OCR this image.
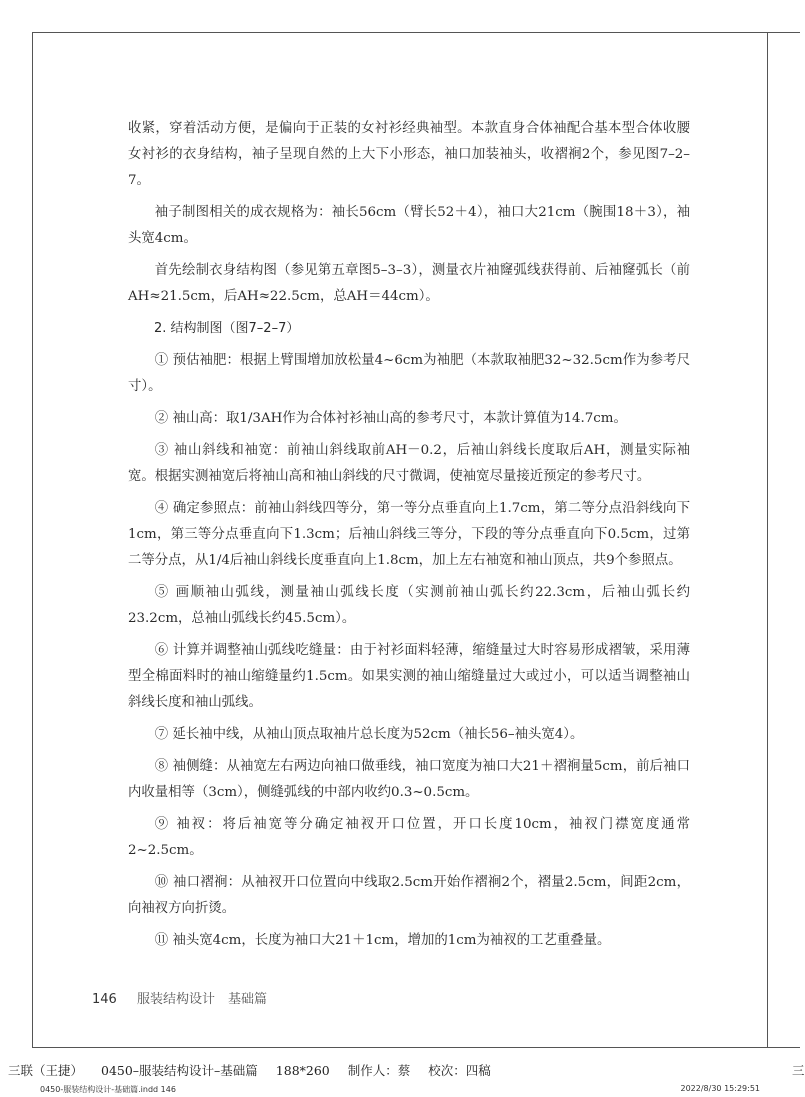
收紧，穿着活动方便，是偏向于正装的女衬衫经典袖型。本款直身合体袖配合基本型合体收腰女衬衫的衣身结构，袖子呈现自然的上大下小形态，袖口加装袖头，收褶裥2个，参见图7–2–7。

袖子制图相关的成衣规格为：袖长56cm（臂长52＋4），袖口大21cm（腕围18＋3），袖头宽4cm。

首先绘制衣身结构图（参见第五章图5–3–3），测量衣片袖窿弧线获得前、后袖窿弧长（前AH≈21.5cm，后AH≈22.5cm，总AH＝44cm）。

2. 结构制图（图7–2–7）

① 预估袖肥：根据上臂围增加放松量4~6cm为袖肥（本款取袖肥32~32.5cm作为参考尺寸）。

② 袖山高：取1/3AH作为合体衬衫袖山高的参考尺寸，本款计算值为14.7cm。

③ 袖山斜线和袖宽：前袖山斜线取前AH－0.2，后袖山斜线长度取后AH，测量实际袖宽。根据实测袖宽后将袖山高和袖山斜线的尺寸微调，使袖宽尽量接近预定的参考尺寸。

④ 确定参照点：前袖山斜线四等分，第一等分点垂直向上1.7cm，第二等分点沿斜线向下1cm，第三等分点垂直向下1.3cm；后袖山斜线三等分，下段的等分点垂直向下0.5cm，过第二等分点，从1/4后袖山斜线长度垂直向上1.8cm，加上左右袖宽和袖山顶点，共9个参照点。

⑤ 画顺袖山弧线，测量袖山弧线长度（实测前袖山弧长约22.3cm，后袖山弧长约23.2cm，总袖山弧线长约45.5cm）。

⑥ 计算并调整袖山弧线吃缝量：由于衬衫面料轻薄，缩缝量过大时容易形成褶皱，采用薄型全棉面料时的袖山缩缝量约1.5cm。如果实测的袖山缩缝量过大或过小，可以适当调整袖山斜线长度和袖山弧线。

⑦ 延长袖中线，从袖山顶点取袖片总长度为52cm（袖长56–袖头宽4）。

⑧ 袖侧缝：从袖宽左右两边向袖口做垂线，袖口宽度为袖口大21＋褶裥量5cm，前后袖口内收量相等（3cm），侧缝弧线的中部内收约0.3~0.5cm。

⑨ 袖衩：将后袖宽等分确定袖衩开口位置，开口长度10cm，袖衩门襟宽度通常2~2.5cm。

⑩ 袖口褶裥：从袖衩开口位置向中线取2.5cm开始作褶裥2个，褶量2.5cm，间距2cm，向袖衩方向折烫。

⑪ 袖头宽4cm，长度为袖口大21＋1cm，增加的1cm为袖衩的工艺重叠量。

146 服装结构设计　基础篇
三联（王捷） 0450–服装结构设计–基础篇 188*260 制作人：蔡 校次：四稿	三
0450-服装结构设计-基础篇.indd 146	2022/8/30 15:29:51
